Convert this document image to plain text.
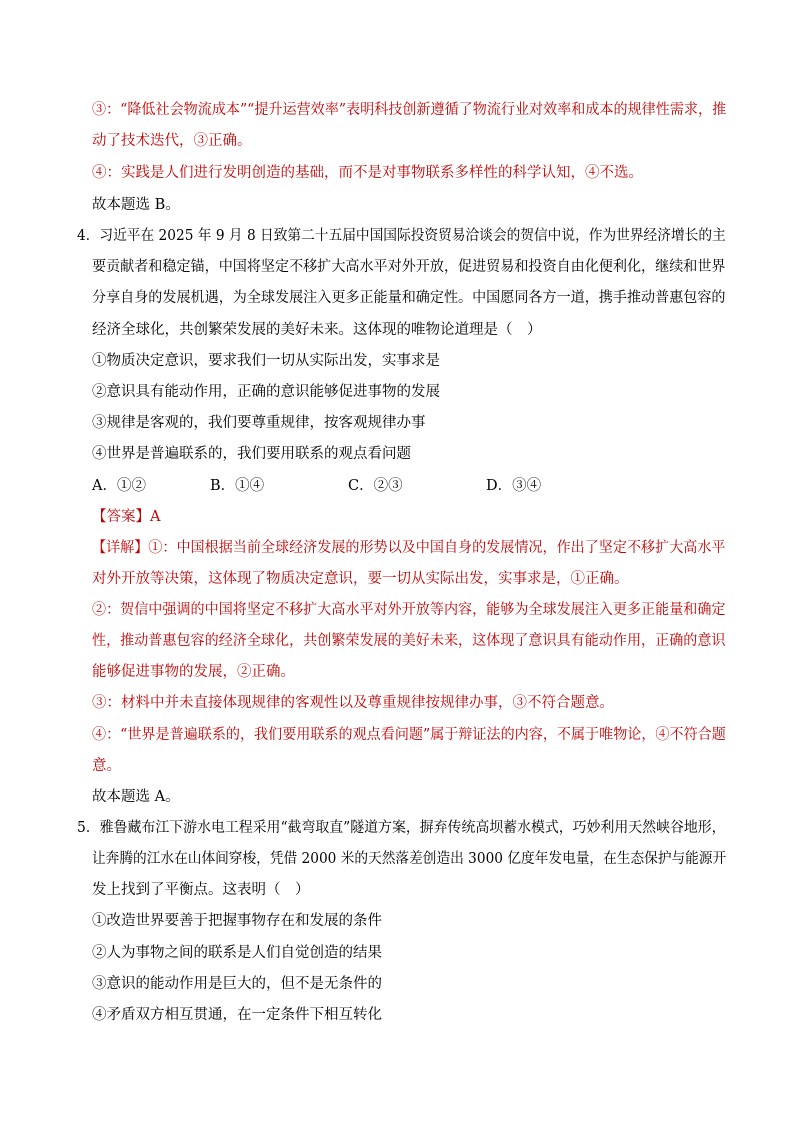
③：“降低社会物流成本”“提升运营效率”表明科技创新遵循了物流行业对效率和成本的规律性需求，推
动了技术迭代，③正确。
④：实践是人们进行发明创造的基础，而不是对事物联系多样性的科学认知，④不选。
故本题选 B。
4．习近平在 2025 年 9 月 8 日致第二十五届中国国际投资贸易洽谈会的贺信中说，作为世界经济增长的主
要贡献者和稳定锚，中国将坚定不移扩大高水平对外开放，促进贸易和投资自由化便利化，继续和世界
分享自身的发展机遇，为全球发展注入更多正能量和确定性。中国愿同各方一道，携手推动普惠包容的
经济全球化，共创繁荣发展的美好未来。这体现的唯物论道理是（　）
①物质决定意识，要求我们一切从实际出发，实事求是
②意识具有能动作用，正确的意识能够促进事物的发展
③规律是客观的，我们要尊重规律，按客观规律办事
④世界是普遍联系的，我们要用联系的观点看问题
A．①②	B．①④	C．②③	D．③④
【答案】A
【详解】①：中国根据当前全球经济发展的形势以及中国自身的发展情况，作出了坚定不移扩大高水平
对外开放等决策，这体现了物质决定意识，要一切从实际出发，实事求是，①正确。
②：贺信中强调的中国将坚定不移扩大高水平对外开放等内容，能够为全球发展注入更多正能量和确定
性，推动普惠包容的经济全球化，共创繁荣发展的美好未来，这体现了意识具有能动作用，正确的意识
能够促进事物的发展，②正确。
③：材料中并未直接体现规律的客观性以及尊重规律按规律办事，③不符合题意。
④：“世界是普遍联系的，我们要用联系的观点看问题”属于辩证法的内容，不属于唯物论，④不符合题
意。
故本题选 A。
5．雅鲁藏布江下游水电工程采用“截弯取直”隧道方案，摒弃传统高坝蓄水模式，巧妙利用天然峡谷地形，
让奔腾的江水在山体间穿梭，凭借 2000 米的天然落差创造出 3000 亿度年发电量，在生态保护与能源开
发上找到了平衡点。这表明（　）
①改造世界要善于把握事物存在和发展的条件
②人为事物之间的联系是人们自觉创造的结果
③意识的能动作用是巨大的，但不是无条件的
④矛盾双方相互贯通，在一定条件下相互转化
